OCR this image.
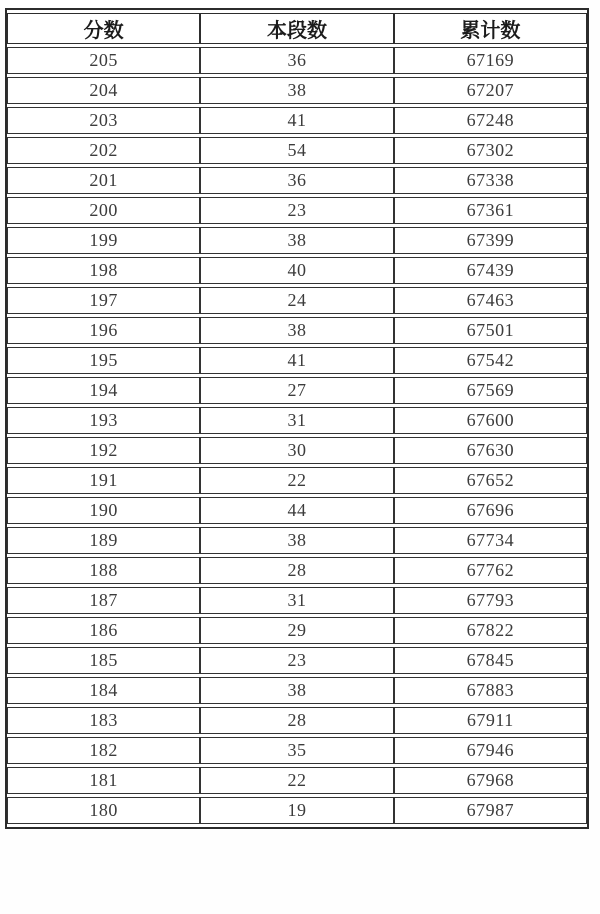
分数	本段数	累计数
205	36	67169
204	38	67207
203	41	67248
202	54	67302
201	36	67338
200	23	67361
199	38	67399
198	40	67439
197	24	67463
196	38	67501
195	41	67542
194	27	67569
193	31	67600
192	30	67630
191	22	67652
190	44	67696
189	38	67734
188	28	67762
187	31	67793
186	29	67822
185	23	67845
184	38	67883
183	28	67911
182	35	67946
181	22	67968
180	19	67987
